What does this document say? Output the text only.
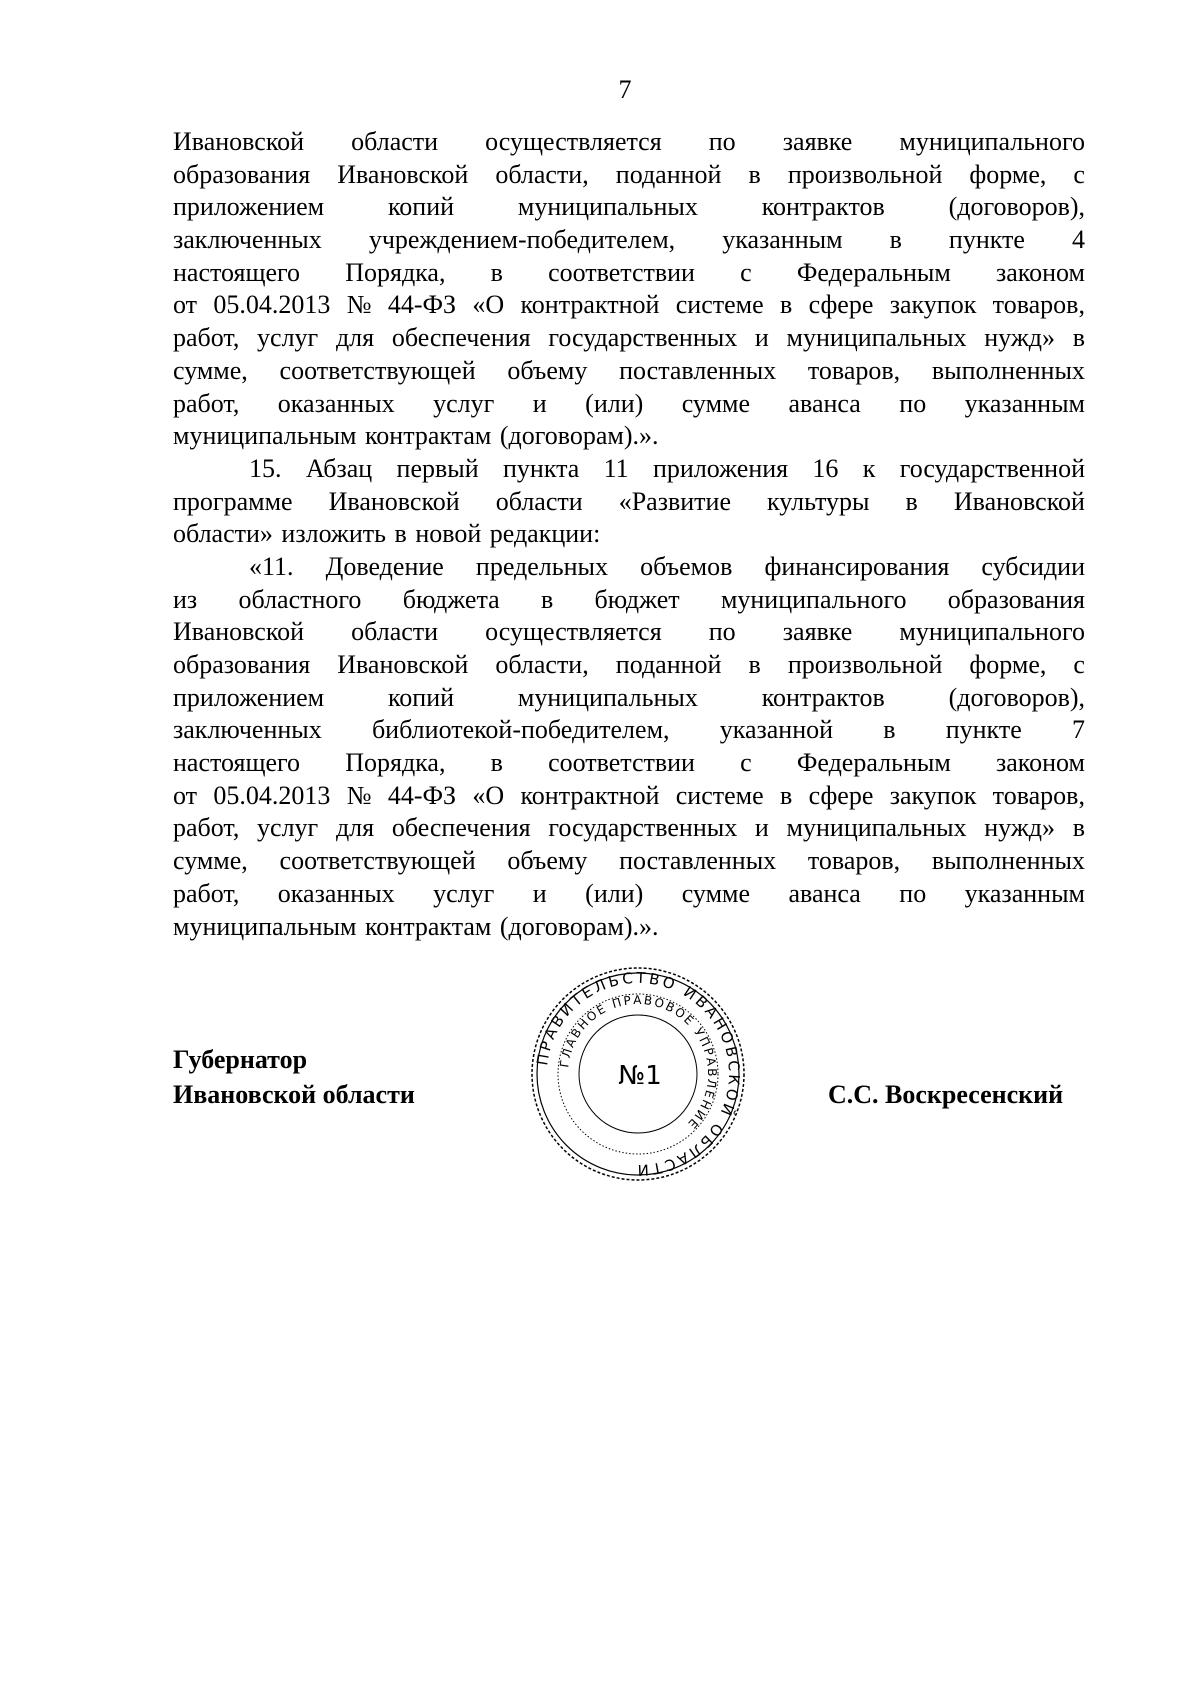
7
Ивановской области осуществляется по заявке муниципального
образования Ивановской области, поданной в произвольной форме, с
приложением копий муниципальных контрактов (договоров),
заключенных учреждением-победителем, указанным в пункте 4
настоящего Порядка, в соответствии с Федеральным законом
от 05.04.2013 № 44-ФЗ «О контрактной системе в сфере закупок товаров,
работ, услуг для обеспечения государственных и муниципальных нужд» в
сумме, соответствующей объему поставленных товаров, выполненных
работ, оказанных услуг и (или) сумме аванса по указанным
муниципальным
контрактам
(договорам).».
15. Абзац первый пункта 11 приложения 16 к государственной
программе Ивановской области «Развитие культуры в Ивановской
области»
изложить
в
новой
редакции:
«11. Доведение предельных объемов финансирования субсидии
из областного бюджета в бюджет муниципального образования
Ивановской области осуществляется по заявке муниципального
образования Ивановской области, поданной в произвольной форме, с
приложением копий муниципальных контрактов (договоров),
заключенных библиотекой-победителем, указанной в пункте 7
настоящего Порядка, в соответствии с Федеральным законом
от 05.04.2013 № 44-ФЗ «О контрактной системе в сфере закупок товаров,
работ, услуг для обеспечения государственных и муниципальных нужд» в
сумме, соответствующей объему поставленных товаров, выполненных
работ, оказанных услуг и (или) сумме аванса по указанным
муниципальным
контрактам
(договорам).».
Губернатор
Ивановской области
ПРАВИТЕЛЬСТВО ИВАНОВСКОЙ ОБЛАСТИ
ГЛАВНОЕ ПРАВОВОЕ УПРАВЛЕНИЕ
№1
С.С. Воскресенский
